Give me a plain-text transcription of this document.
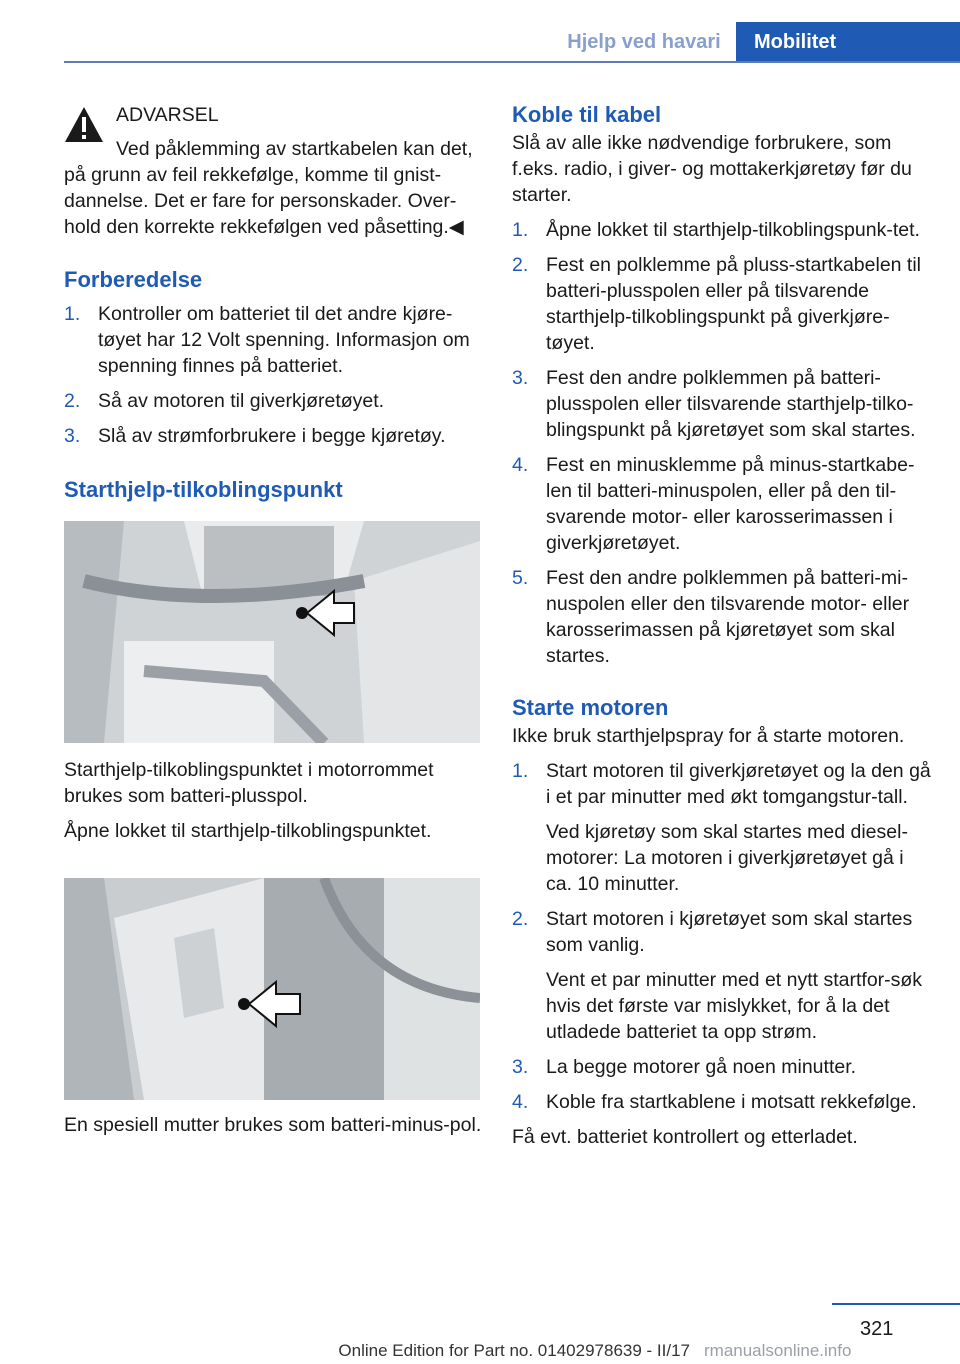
Hjelp ved havari	Mobilitet
ADVARSEL
Ved påklemming av startkabelen kan det, på grunn av feil rekkefølge, komme til gnist-dannelse. Det er fare for personskader. Over-hold den korrekte rekkefølgen ved påsetting.◀
Forberedelse
1. Kontroller om batteriet til det andre kjøre-tøyet har 12 Volt spenning. Informasjon om spenning finnes på batteriet.
2. Så av motoren til giverkjøretøyet.
3. Slå av strømforbrukere i begge kjøretøy.
Starthjelp-tilkoblingspunkt

Starthjelp-tilkoblingspunktet i motorrommet brukes som batteri-plusspol.

Åpne lokket til starthjelp-tilkoblingspunktet.

En spesiell mutter brukes som batteri-minus-pol.

Koble til kabel

Slå av alle ikke nødvendige forbrukere, som f.eks. radio, i giver- og mottakerkjøretøy før du starter.

1. Åpne lokket til starthjelp-tilkoblingspunk-tet.
2. Fest en polklemme på pluss-startkabelen til batteri-plusspolen eller på tilsvarende starthjelp-tilkoblingspunkt på giverkjøre-tøyet.
3. Fest den andre polklemmen på batteri-plusspolen eller tilsvarende starthjelp-tilko-blingspunkt på kjøretøyet som skal startes.
4. Fest en minusklemme på minus-startkabe-len til batteri-minuspolen, eller på den til-svarende motor- eller karosserimassen i giverkjøretøyet.
5. Fest den andre polklemmen på batteri-mi-nuspolen eller den tilsvarende motor- eller karosserimassen på kjøretøyet som skal startes.
Starte motoren

Ikke bruk starthjelpspray for å starte motoren.

1. Start motoren til giverkjøretøyet og la den gå i et par minutter med økt tomgangstur-tall.
Ved kjøretøy som skal startes med diesel-motorer: La motoren i giverkjøretøyet gå i ca. 10 minutter.
2. Start motoren i kjøretøyet som skal startes som vanlig.
Vent et par minutter med et nytt startfor-søk hvis det første var mislykket, for å la det utladede batteriet ta opp strøm.
3. La begge motorer gå noen minutter.
4. Koble fra startkablene i motsatt rekkefølge.

Få evt. batteriet kontrollert og etterladet.

321
Online Edition for Part no. 01402978639 - II/17 rmanualsonline.info
